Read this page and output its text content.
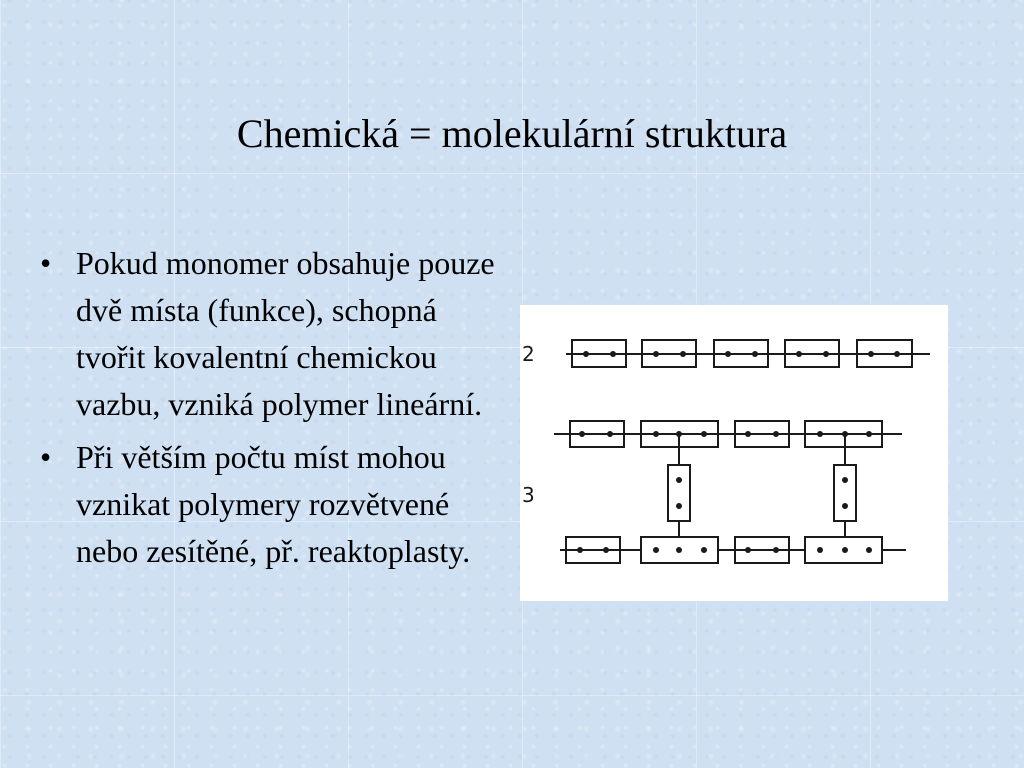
Chemická = molekulární struktura
• Pokud monomer obsahuje pouze dvě místa (funkce), schopná tvořit kovalentní chemickou vazbu, vzniká polymer lineární.
• Při větším počtu míst mohou vznikat polymery rozvětvené nebo zesítěné, př. reaktoplasty.
2
3
